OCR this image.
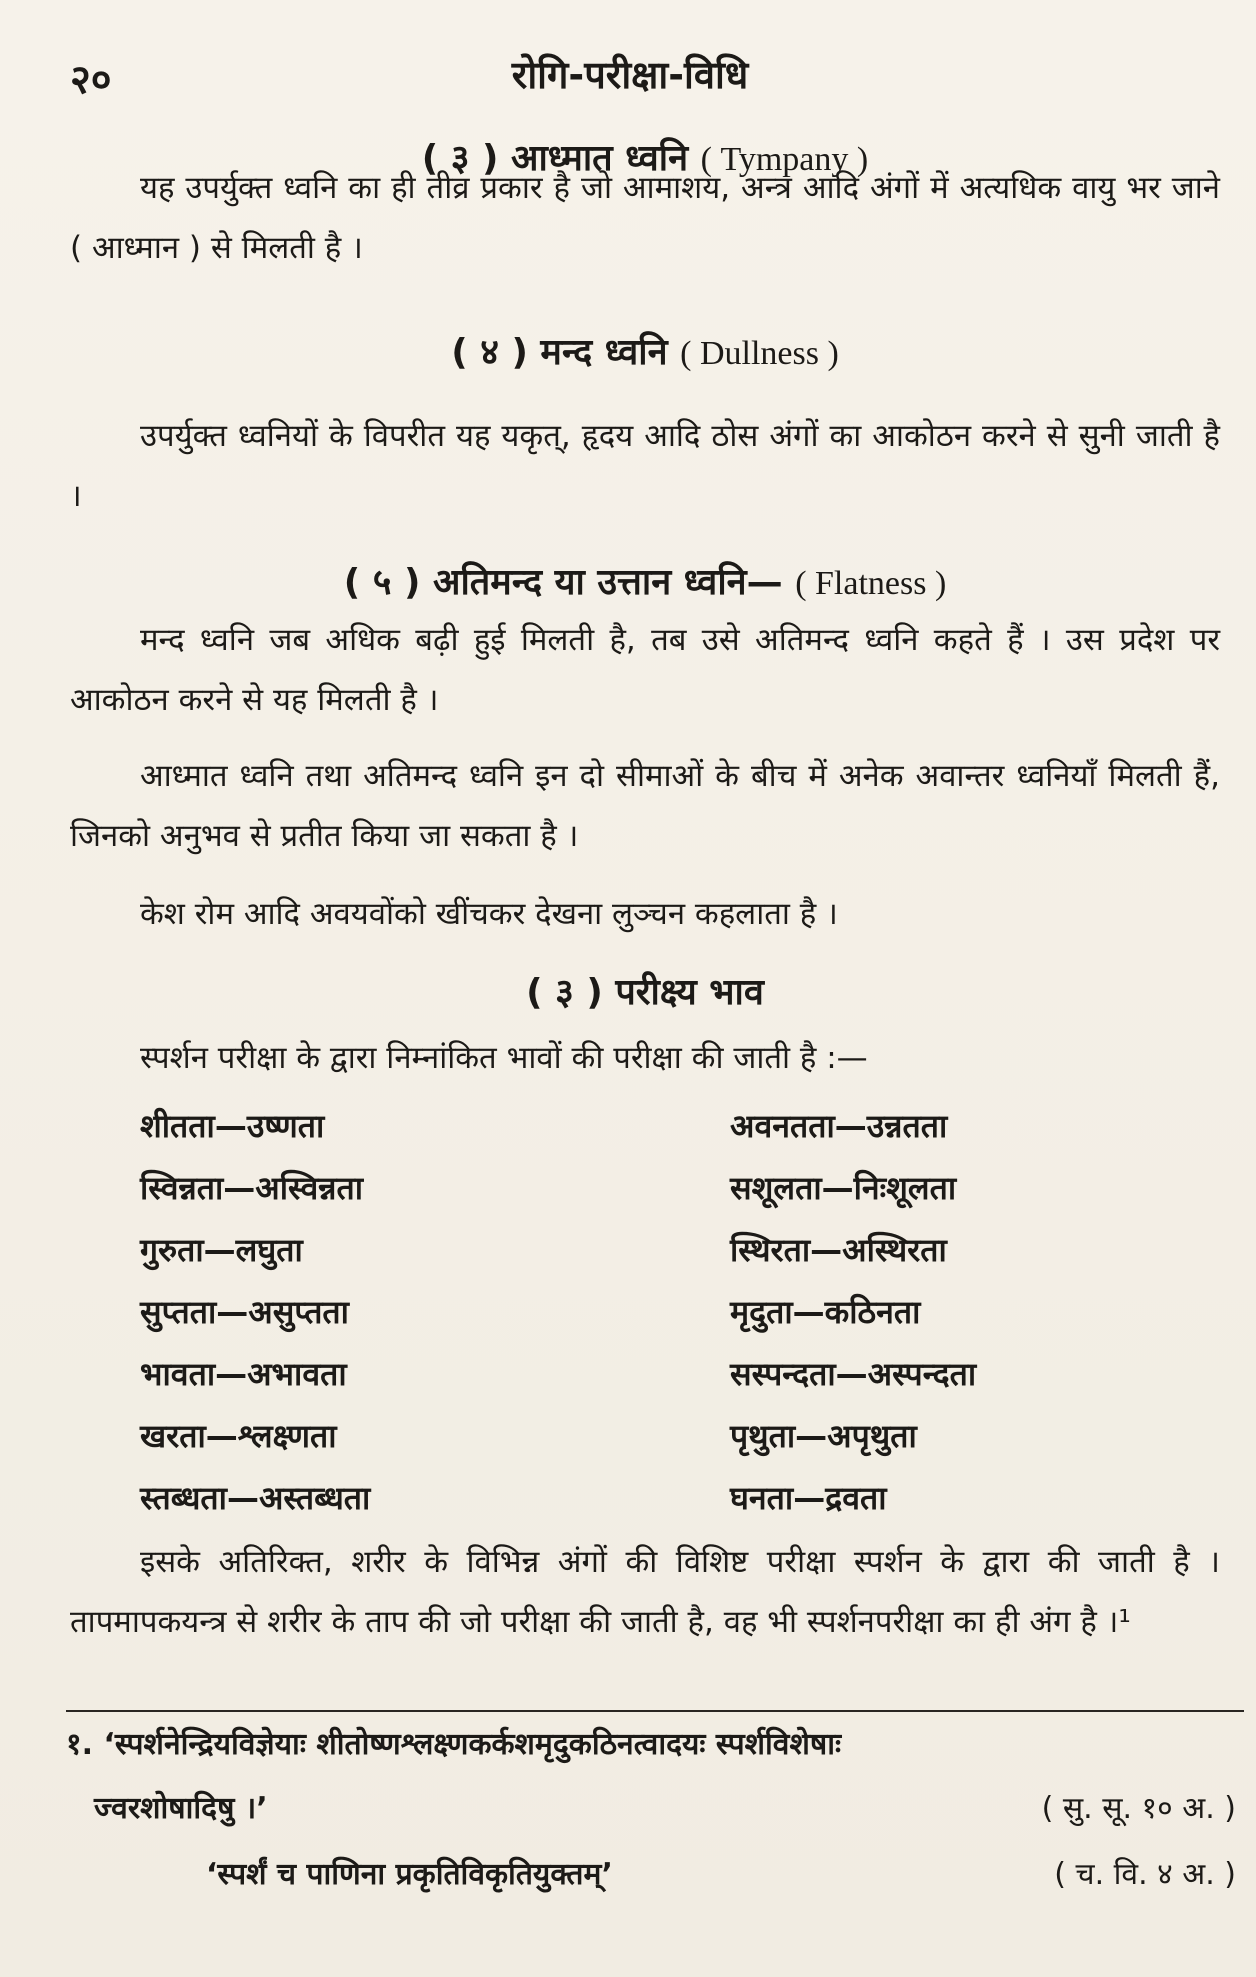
२०	रोगि-परीक्षा-विधि
( ३ ) आध्मात ध्वनि ( Tympany )
यह उपर्युक्त ध्वनि का ही तीव्र प्रकार है जो आमाशय, अन्त्र आदि अंगों में अत्यधिक वायु भर जाने ( आध्मान ) से मिलती है ।
( ४ ) मन्द ध्वनि ( Dullness )
उपर्युक्त ध्वनियों के विपरीत यह यकृत्, हृदय आदि ठोस अंगों का आकोठन करने से सुनी जाती है ।
( ५ ) अतिमन्द या उत्तान ध्वनि— ( Flatness )
मन्द ध्वनि जब अधिक बढ़ी हुई मिलती है, तब उसे अतिमन्द ध्वनि कहते हैं । उस प्रदेश पर आकोठन करने से यह मिलती है ।
आध्मात ध्वनि तथा अतिमन्द ध्वनि इन दो सीमाओं के बीच में अनेक अवान्तर ध्वनियाँ मिलती हैं, जिनको अनुभव से प्रतीत किया जा सकता है ।
केश रोम आदि अवयवोंको खींचकर देखना लुञ्चन कहलाता है ।
( ३ ) परीक्ष्य भाव
स्पर्शन परीक्षा के द्वारा निम्नांकित भावों की परीक्षा की जाती है :—
शीतता—उष्णता	अवनतता—उन्नतता
स्विन्नता—अस्विन्नता	सशूलता—निःशूलता
गुरुता—लघुता	स्थिरता—अस्थिरता
सुप्तता—असुप्तता	मृदुता—कठिनता
भावता—अभावता	सस्पन्दता—अस्पन्दता
खरता—श्लक्ष्णता	पृथुता—अपृथुता
स्तब्धता—अस्तब्धता	घनता—द्रवता
इसके अतिरिक्त, शरीर के विभिन्न अंगों की विशिष्ट परीक्षा स्पर्शन के द्वारा की जाती है । तापमापकयन्त्र से शरीर के ताप की जो परीक्षा की जाती है, वह भी स्पर्शनपरीक्षा का ही अंग है ।¹
१. ‘स्पर्शनेन्द्रियविज्ञेयाः शीतोष्णश्लक्ष्णकर्कशमृदुकठिनत्वादयः स्पर्शविशेषाः
ज्वरशोषादिषु ।’	( सु. सू. १० अ. )
‘स्पर्शं च पाणिना प्रकृतिविकृतियुक्तम्’	( च. वि. ४ अ. )
